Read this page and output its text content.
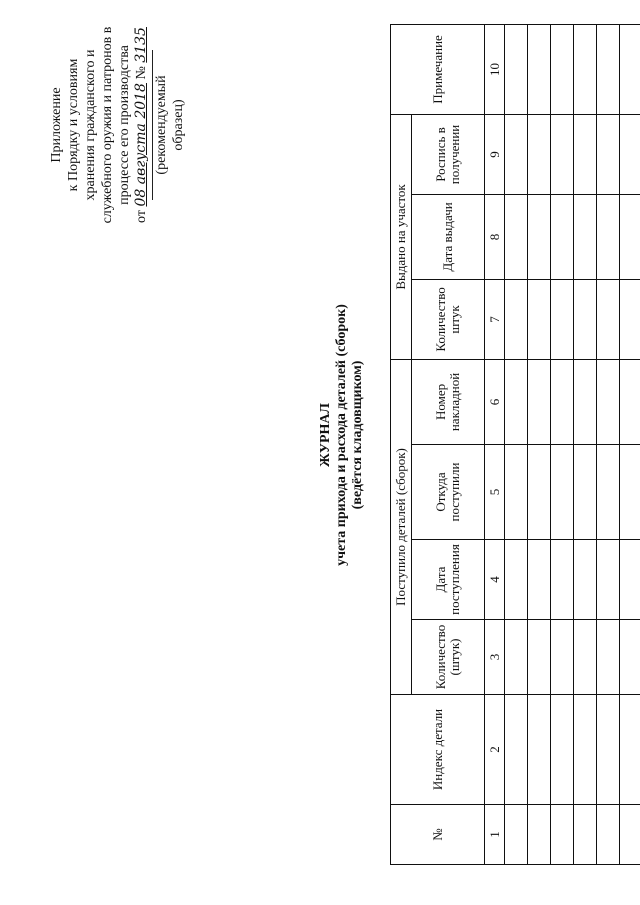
Приложение к Порядку и условиям хранения гражданского и служебного оружия и патронов в процессе его производства
от 08 августа 2018 № 3135
(рекомендуемый образец)
ЖУРНАЛ учета прихода и расхода деталей (сборок) (ведётся кладовщиком)
№	Индекс детали	Поступило деталей (сборок)				Выдано на участок			Примечание
		Количество (штук)	Дата поступления	Откуда поступили	Номер накладной	Количество штук	Дата выдачи	Роспись в получении	
1	2	3	4	5	6	7	8	9	10
